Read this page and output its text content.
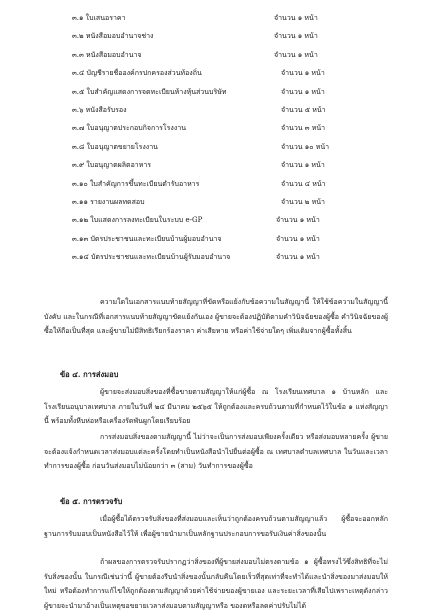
๓.๑ ใบเสนอราคา	จำนวน ๑ หน้า
๓.๒ หนังสือมอบอำนาจช่าง	จำนวน ๑ หน้า
๓.๓ หนังสือมอบอำนาจ	จำนวน ๑ หน้า
๓.๔ บัญชีรายชื่อองค์กรปกครองส่วนท้องถิ่น	จำนวน ๑ หน้า
๓.๕ ใบสำคัญแสดงการจดทะเบียนห้างหุ้นส่วนบริษัท	จำนวน ๑ หน้า
๓.๖ หนังสือรับรอง	จำนวน ๕ หน้า
๓.๗ ใบอนุญาตประกอบกิจการโรงงาน	จำนวน ๓ หน้า
๓.๘ ใบอนุญาตขยายโรงงาน	จำนวน ๑๐ หน้า
๓.๙ ใบอนุญาตผลิตอาหาร	จำนวน ๑ หน้า
๓.๑๐ ใบสำคัญการขึ้นทะเบียนตำรับอาหาร	จำนวน ๔ หน้า
๓.๑๑ รายงานผลทดสอบ	จำนวน ๒ หน้า
๓.๑๒ ใบแสดงการลงทะเบียนในระบบ e-GP	จำนวน ๑ หน้า
๓.๑๓ บัตรประชาชนและทะเบียนบ้านผู้มอบอำนาจ	จำนวน ๑ หน้า
๓.๑๔ บัตรประชาชนและทะเบียนบ้านผู้รับมอบอำนาจ	จำนวน ๑ หน้า
ความใดในเอกสารแนบท้ายสัญญาที่ขัดหรือแย้งกับข้อความในสัญญานี้ ให้ใช้ข้อความในสัญญานี้บังคับ และในกรณีที่เอกสารแนบท้ายสัญญาขัดแย้งกันเอง ผู้ขายจะต้องปฏิบัติตามคำวินิจฉัยของผู้ซื้อ คำวินิจฉัยของผู้ซื้อให้ถือเป็นที่สุด และผู้ขายไม่มีสิทธิเรียกร้องราคา ค่าเสียหาย หรือค่าใช้จ่ายใดๆ เพิ่มเติมจากผู้ซื้อทั้งสิ้น
ข้อ ๔. การส่งมอบ
ผู้ขายจะส่งมอบสิ่งของที่ซื้อขายตามสัญญาให้แก่ผู้ซื้อ ณ โรงเรียนเทศบาล ๑ บ้านหลัก และโรงเรียนอนุบาลเทศบาล ภายในวันที่ ๒๔ มีนาคม ๒๕๖๕ ให้ถูกต้องและครบถ้วนตามที่กำหนดไว้ในข้อ ๑ แห่งสัญญานี้ พร้อมทั้งหีบห่อหรือเครื่องรัดพันผูกโดยเรียบร้อย
การส่งมอบสิ่งของตามสัญญานี้ ไม่ว่าจะเป็นการส่งมอบเพียงครั้งเดียว หรือส่งมอบหลายครั้ง ผู้ขายจะต้องแจ้งกำหนดเวลาส่งมอบแต่ละครั้งโดยทำเป็นหนังสือนำไปยื่นต่อผู้ซื้อ ณ เทศบาลตำบลเทศบาล ในวันและเวลาทำการของผู้ซื้อ ก่อนวันส่งมอบไม่น้อยกว่า ๓ (สาม) วันทำการของผู้ซื้อ
ข้อ ๕. การตรวจรับ
เมื่อผู้ซื้อได้ตรวจรับสิ่งของที่ส่งมอบและเห็นว่าถูกต้องครบถ้วนตามสัญญาแล้ว ผู้ซื้อจะออกหลักฐานการรับมอบเป็นหนังสือไว้ให้ เพื่อผู้ขายนำมาเป็นหลักฐานประกอบการขอรับเงินค่าสิ่งของนั้น
ถ้าผลของการตรวจรับปรากฏว่าสิ่งของที่ผู้ขายส่งมอบไม่ตรงตามข้อ ๑ ผู้ซื้อทรงไว้ซึ่งสิทธิที่จะไม่รับสิ่งของนั้น ในกรณีเช่นว่านี้ ผู้ขายต้องรีบนำสิ่งของนั้นกลับคืนโดยเร็วที่สุดเท่าที่จะทำได้และนำสิ่งของมาส่งมอบให้ใหม่ หรือต้องทำการแก้ไขให้ถูกต้องตามสัญญาด้วยค่าใช้จ่ายของผู้ขายเอง และระยะเวลาที่เสียไปเพราะเหตุดังกล่าวผู้ขายจะนำมาอ้างเป็นเหตุขอขยายเวลาส่งมอบตามสัญญาหรือ ของดหรือลดค่าปรับไม่ได้
